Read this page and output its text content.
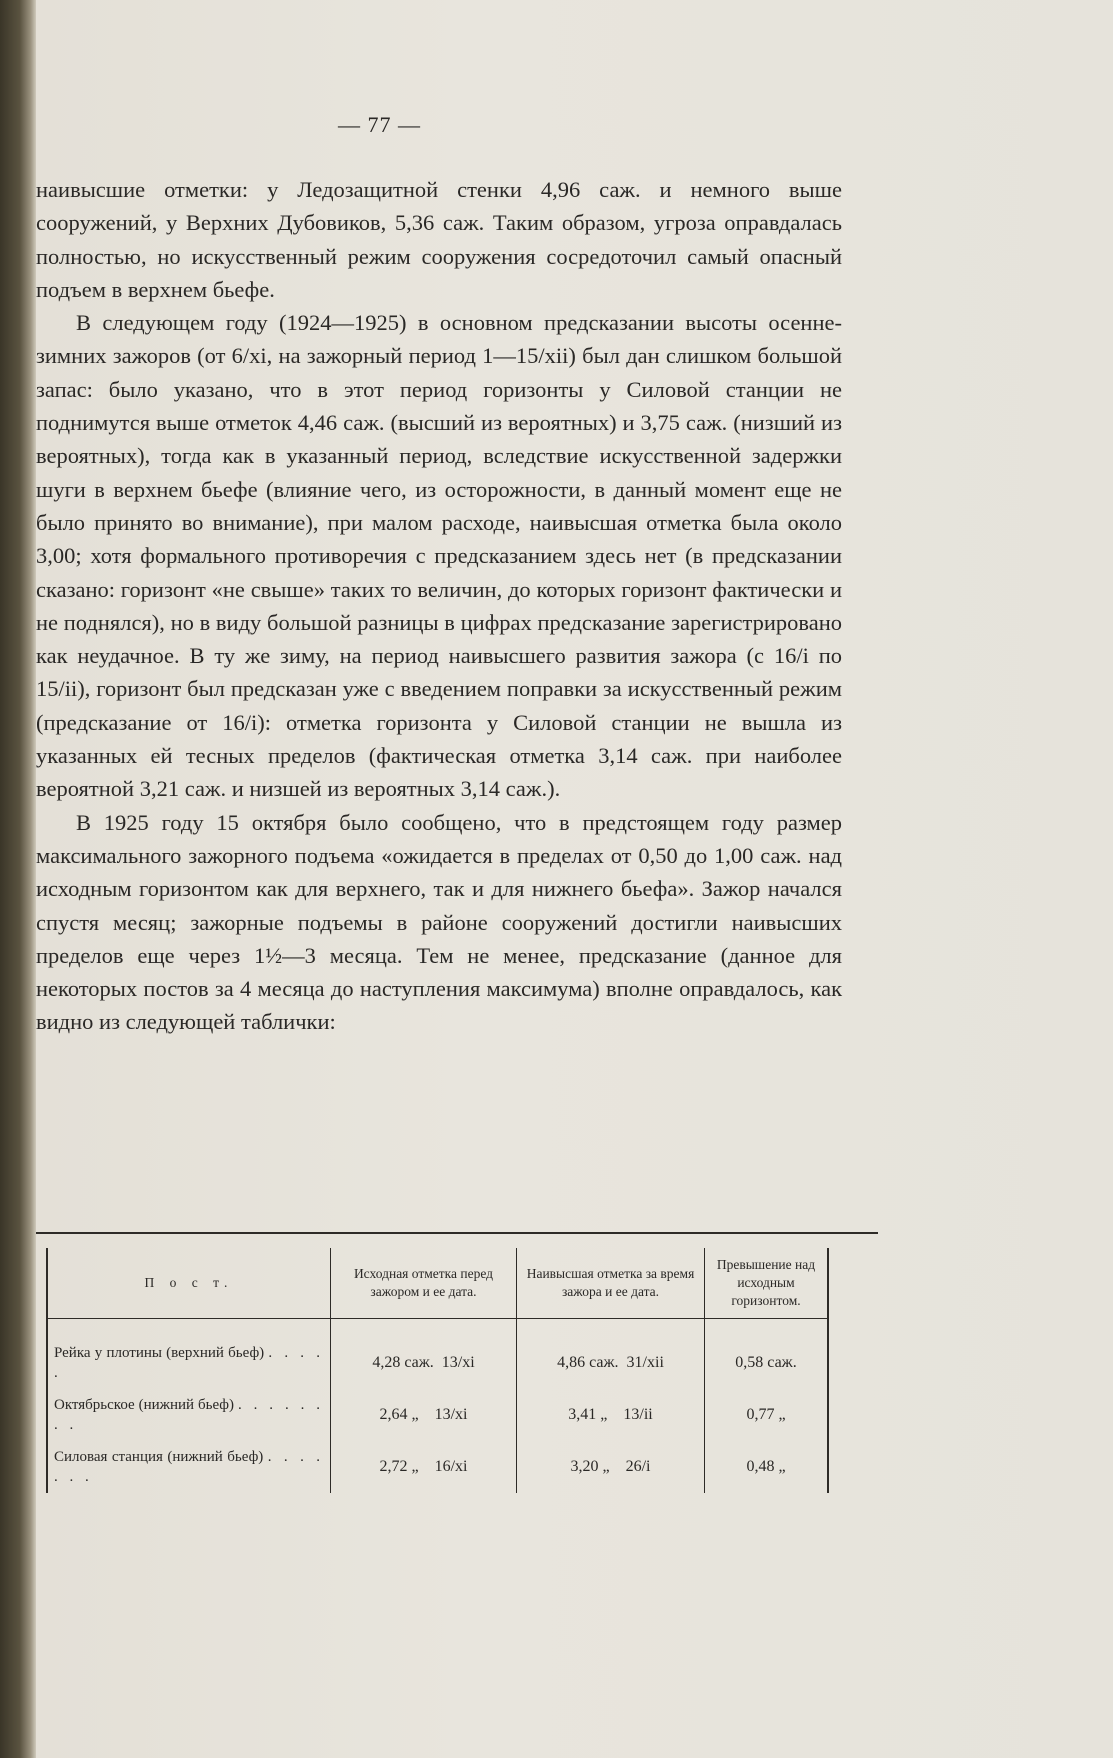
— 77 —

наивысшие отметки: у Ледозащитной стенки 4,96 саж. и немного выше сооружений, у Верхних Дубовиков, 5,36 саж. Таким образом, угроза оправдалась полностью, но искусственный режим сооружения сосредоточил самый опасный подъем в верхнем бьефе.

В следующем году (1924—1925) в основном предсказании высоты осенне-зимних зажоров (от 6/xi, на зажорный период 1—15/xii) был дан слишком большой запас: было указано, что в этот период горизонты у Силовой станции не поднимутся выше отметок 4,46 саж. (высший из вероятных) и 3,75 саж. (низший из вероятных), тогда как в указанный период, вследствие искусственной задержки шуги в верхнем бьефе (влияние чего, из осторожности, в данный момент еще не было принято во внимание), при малом расходе, наивысшая отметка была около 3,00; хотя формального противоречия с предсказанием здесь нет (в предсказании сказано: горизонт «не свыше» таких то величин, до которых горизонт фактически и не поднялся), но в виду большой разницы в цифрах предсказание зарегистрировано как неудачное. В ту же зиму, на период наивысшего развития зажора (с 16/i по 15/ii), горизонт был предсказан уже с введением поправки за искусственный режим (предсказание от 16/i): отметка горизонта у Силовой станции не вышла из указанных ей тесных пределов (фактическая отметка 3,14 саж. при наиболее вероятной 3,21 саж. и низшей из вероятных 3,14 саж.).

В 1925 году 15 октября было сообщено, что в предстоящем году размер максимального зажорного подъема «ожидается в пределах от 0,50 до 1,00 саж. над исходным горизонтом как для верхнего, так и для нижнего бьефа». Зажор начался спустя месяц; зажорные подъемы в районе сооружений достигли наивысших пределов еще через 1½—3 месяца. Тем не менее, предсказание (данное для некоторых постов за 4 месяца до наступления максимума) вполне оправдалось, как видно из следующей таблички:

П о с т.	Исходная отметка перед зажором и ее дата.	Наивысшая отметка за время зажора и ее дата.	Превышение над исходным горизонтом.
Рейка у плотины (верхний бьеф) . . . . .	4,28 саж. 13/xi	4,86 саж. 31/xii	0,58 саж.
Октябрьское (нижний бьеф) . . . . . . . .	2,64 „ 13/xi	3,41 „ 13/ii	0,77 „
Силовая станция (нижний бьеф) . . . . . . .	2,72 „ 16/xi	3,20 „ 26/i	0,48 „
